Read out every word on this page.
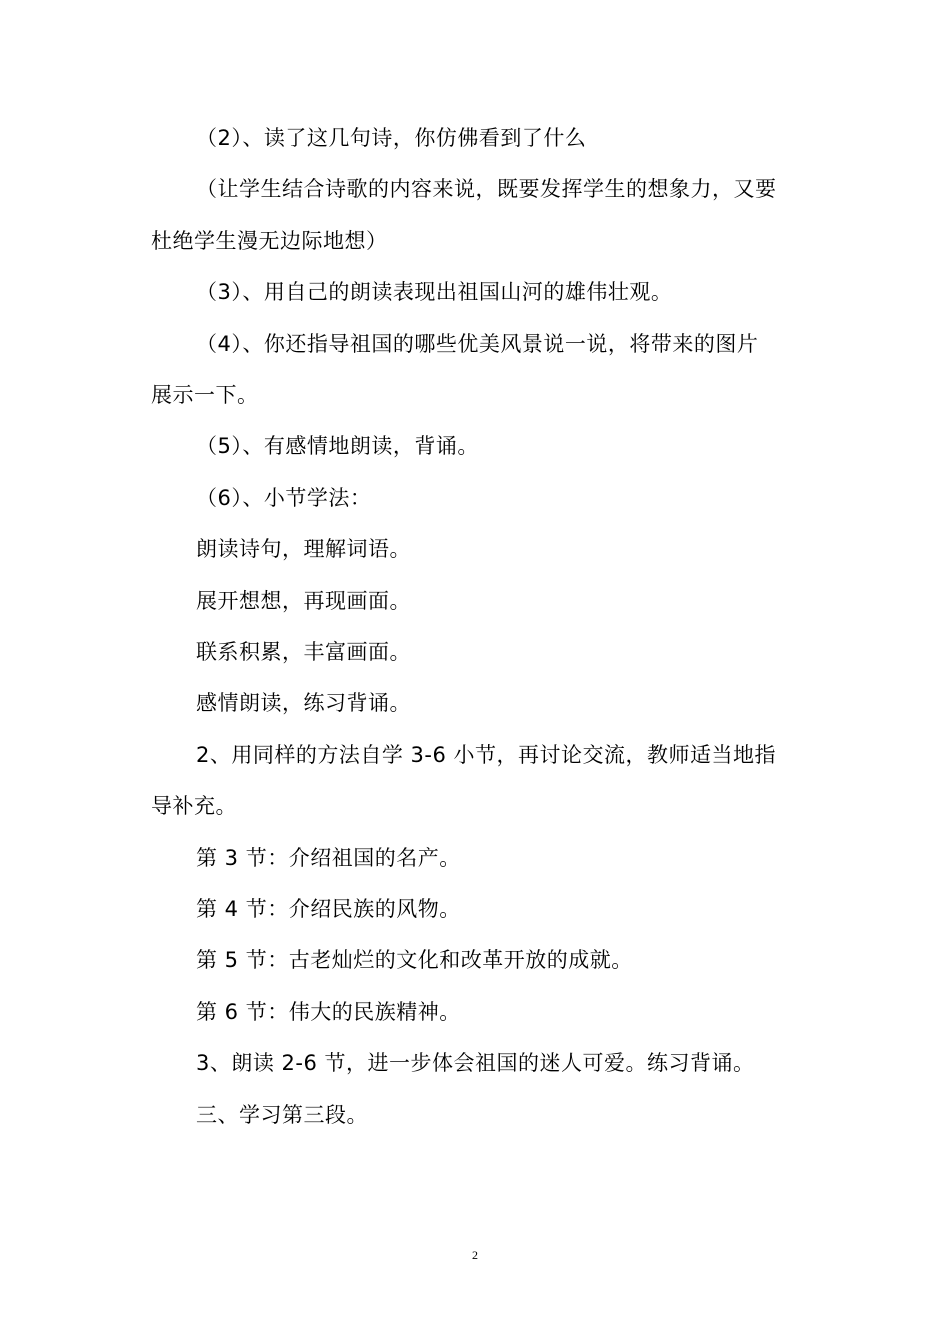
（2）、读了这几句诗，你仿佛看到了什么
（让学生结合诗歌的内容来说，既要发挥学生的想象力，又要
杜绝学生漫无边际地想）
（3）、用自己的朗读表现出祖国山河的雄伟壮观。
（4）、你还指导祖国的哪些优美风景说一说，将带来的图片
展示一下。
（5）、有感情地朗读，背诵。
（6）、小节学法：
朗读诗句，理解词语。
展开想想，再现画面。
联系积累，丰富画面。
感情朗读，练习背诵。
2、用同样的方法自学 3-6 小节，再讨论交流，教师适当地指
导补充。
第 3 节：介绍祖国的名产。
第 4 节：介绍民族的风物。
第 5 节：古老灿烂的文化和改革开放的成就。
第 6 节：伟大的民族精神。
3、朗读 2-6 节，进一步体会祖国的迷人可爱。练习背诵。
三、学习第三段。
2
